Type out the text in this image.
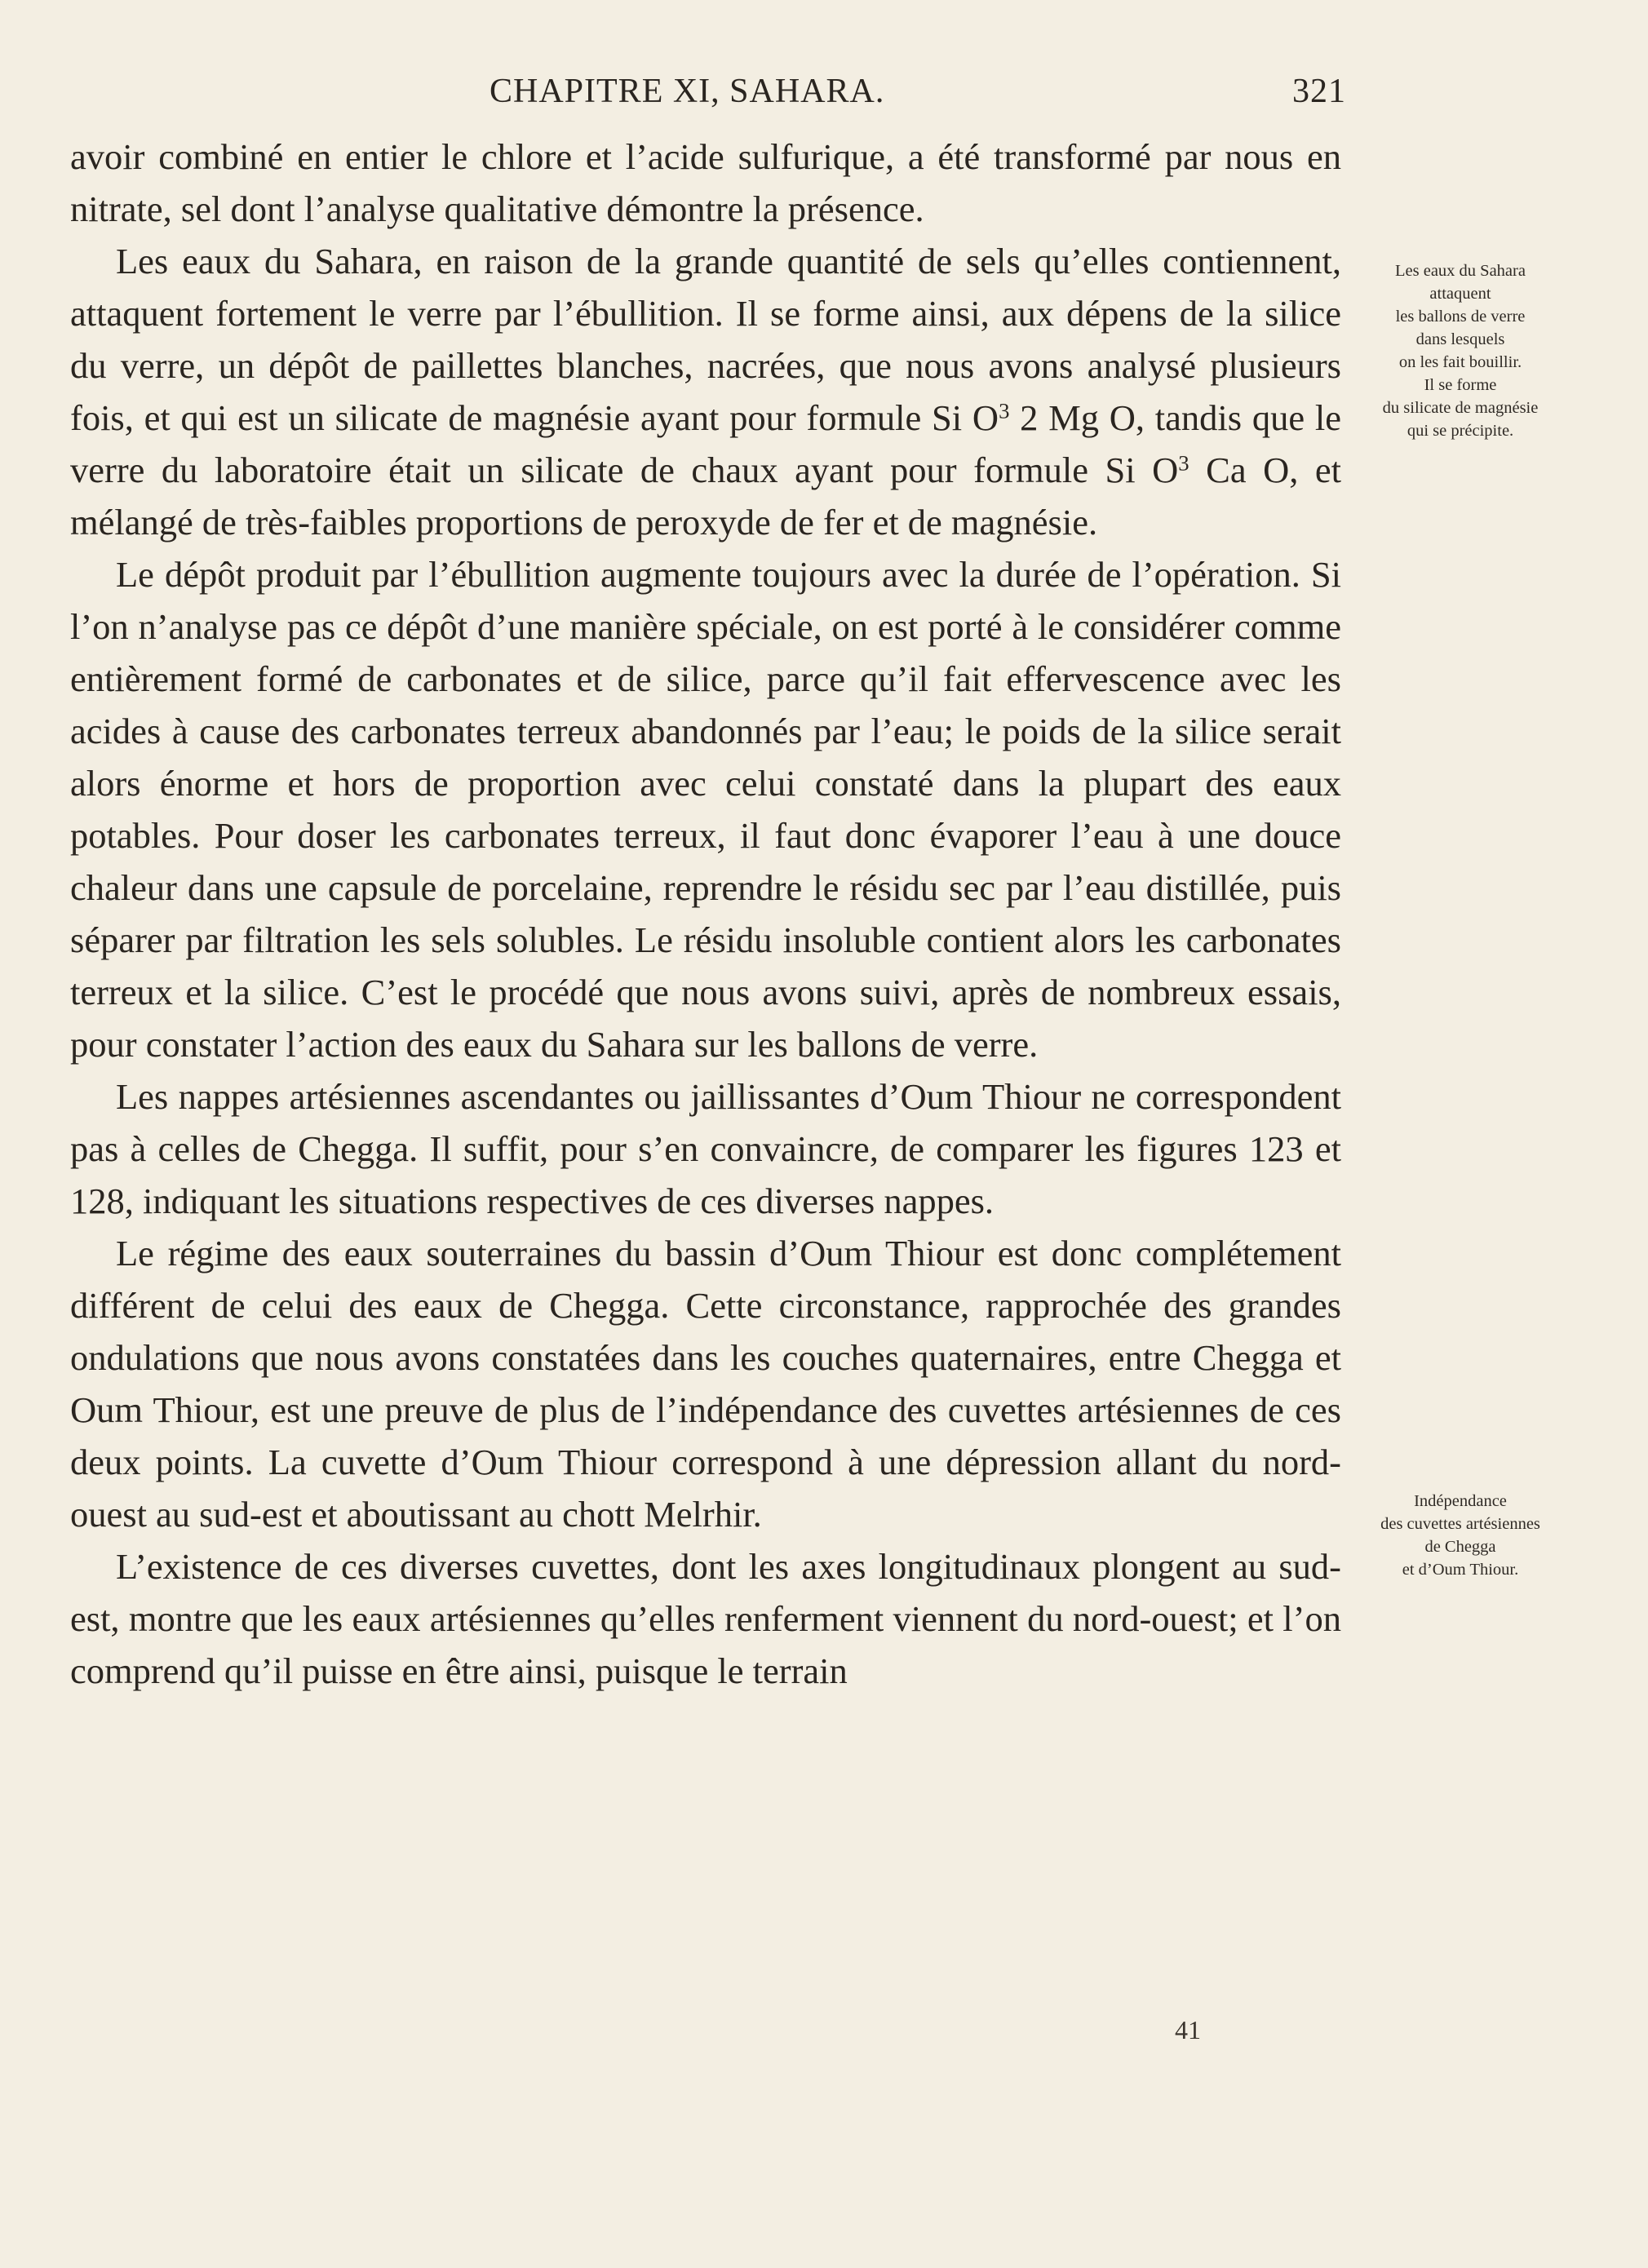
CHAPITRE XI, SAHARA.	321

avoir combiné en entier le chlore et l’acide sulfurique, a été transformé par nous en nitrate, sel dont l’analyse qualitative démontre la présence.

Les eaux du Sahara, en raison de la grande quantité de sels qu’elles contiennent, attaquent fortement le verre par l’ébullition. Il se forme ainsi, aux dépens de la silice du verre, un dépôt de paillettes blanches, nacrées, que nous avons analysé plusieurs fois, et qui est un silicate de magnésie ayant pour formule Si $O^3$ 2 Mg O, tandis que le verre du laboratoire était un silicate de chaux ayant pour formule Si $O^3$ Ca O, et mélangé de très-faibles proportions de peroxyde de fer et de magnésie.

Le dépôt produit par l’ébullition augmente toujours avec la durée de l’opération. Si l’on n’analyse pas ce dépôt d’une manière spéciale, on est porté à le considérer comme entièrement formé de carbonates et de silice, parce qu’il fait effervescence avec les acides à cause des carbonates terreux abandonnés par l’eau; le poids de la silice serait alors énorme et hors de proportion avec celui constaté dans la plupart des eaux potables. Pour doser les carbonates terreux, il faut donc évaporer l’eau à une douce chaleur dans une capsule de porcelaine, reprendre le résidu sec par l’eau distillée, puis séparer par filtration les sels solubles. Le résidu insoluble contient alors les carbonates terreux et la silice. C’est le procédé que nous avons suivi, après de nombreux essais, pour constater l’action des eaux du Sahara sur les ballons de verre.

Les nappes artésiennes ascendantes ou jaillissantes d’Oum Thiour ne correspondent pas à celles de Chegga. Il suffit, pour s’en convaincre, de comparer les figures 123 et 128, indiquant les situations respectives de ces diverses nappes.

Le régime des eaux souterraines du bassin d’Oum Thiour est donc complétement différent de celui des eaux de Chegga. Cette circonstance, rapprochée des grandes ondulations que nous avons constatées dans les couches quaternaires, entre Chegga et Oum Thiour, est une preuve de plus de l’indépendance des cuvettes artésiennes de ces deux points. La cuvette d’Oum Thiour correspond à une dépression allant du nord-ouest au sud-est et aboutissant au chott Melrhir.

L’existence de ces diverses cuvettes, dont les axes longitudinaux plongent au sud-est, montre que les eaux artésiennes qu’elles renferment viennent du nord-ouest; et l’on comprend qu’il puisse en être ainsi, puisque le terrain

Les eaux du Sahara
attaquent
les ballons de verre
dans lesquels
on les fait bouillir.
Il se forme
du silicate de magnésie
qui se précipite.
Indépendance
des cuvettes artésiennes
de Chegga
et d’Oum Thiour.
41
